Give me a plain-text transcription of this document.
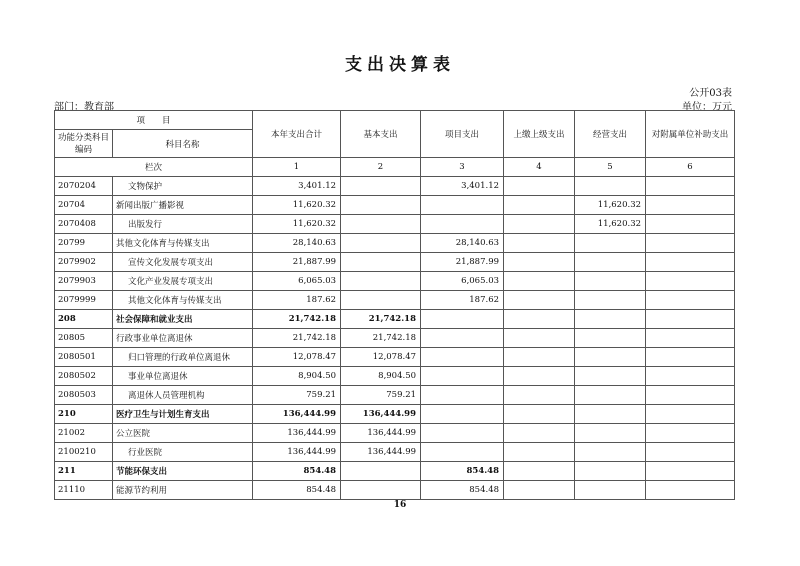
支出决算表
公开03表
部门：教育部	单位：万元
项　　目		本年支出合计	基本支出	项目支出	上缴上级支出	经营支出	对附属单位补助支出
功能分类科目编码	科目名称						
栏次		1	2	3	4	5	6
2070204	文物保护	3,401.12		3,401.12			
20704	新闻出版广播影视	11,620.32				11,620.32	
2070408	出版发行	11,620.32				11,620.32	
20799	其他文化体育与传媒支出	28,140.63		28,140.63			
2079902	宣传文化发展专项支出	21,887.99		21,887.99			
2079903	文化产业发展专项支出	6,065.03		6,065.03			
2079999	其他文化体育与传媒支出	187.62		187.62			
208	社会保障和就业支出	21,742.18	21,742.18				
20805	行政事业单位离退休	21,742.18	21,742.18				
2080501	归口管理的行政单位离退休	12,078.47	12,078.47				
2080502	事业单位离退休	8,904.50	8,904.50				
2080503	离退休人员管理机构	759.21	759.21				
210	医疗卫生与计划生育支出	136,444.99	136,444.99				
21002	公立医院	136,444.99	136,444.99				
2100210	行业医院	136,444.99	136,444.99				
211	节能环保支出	854.48		854.48			
21110	能源节约利用	854.48		854.48			
16
